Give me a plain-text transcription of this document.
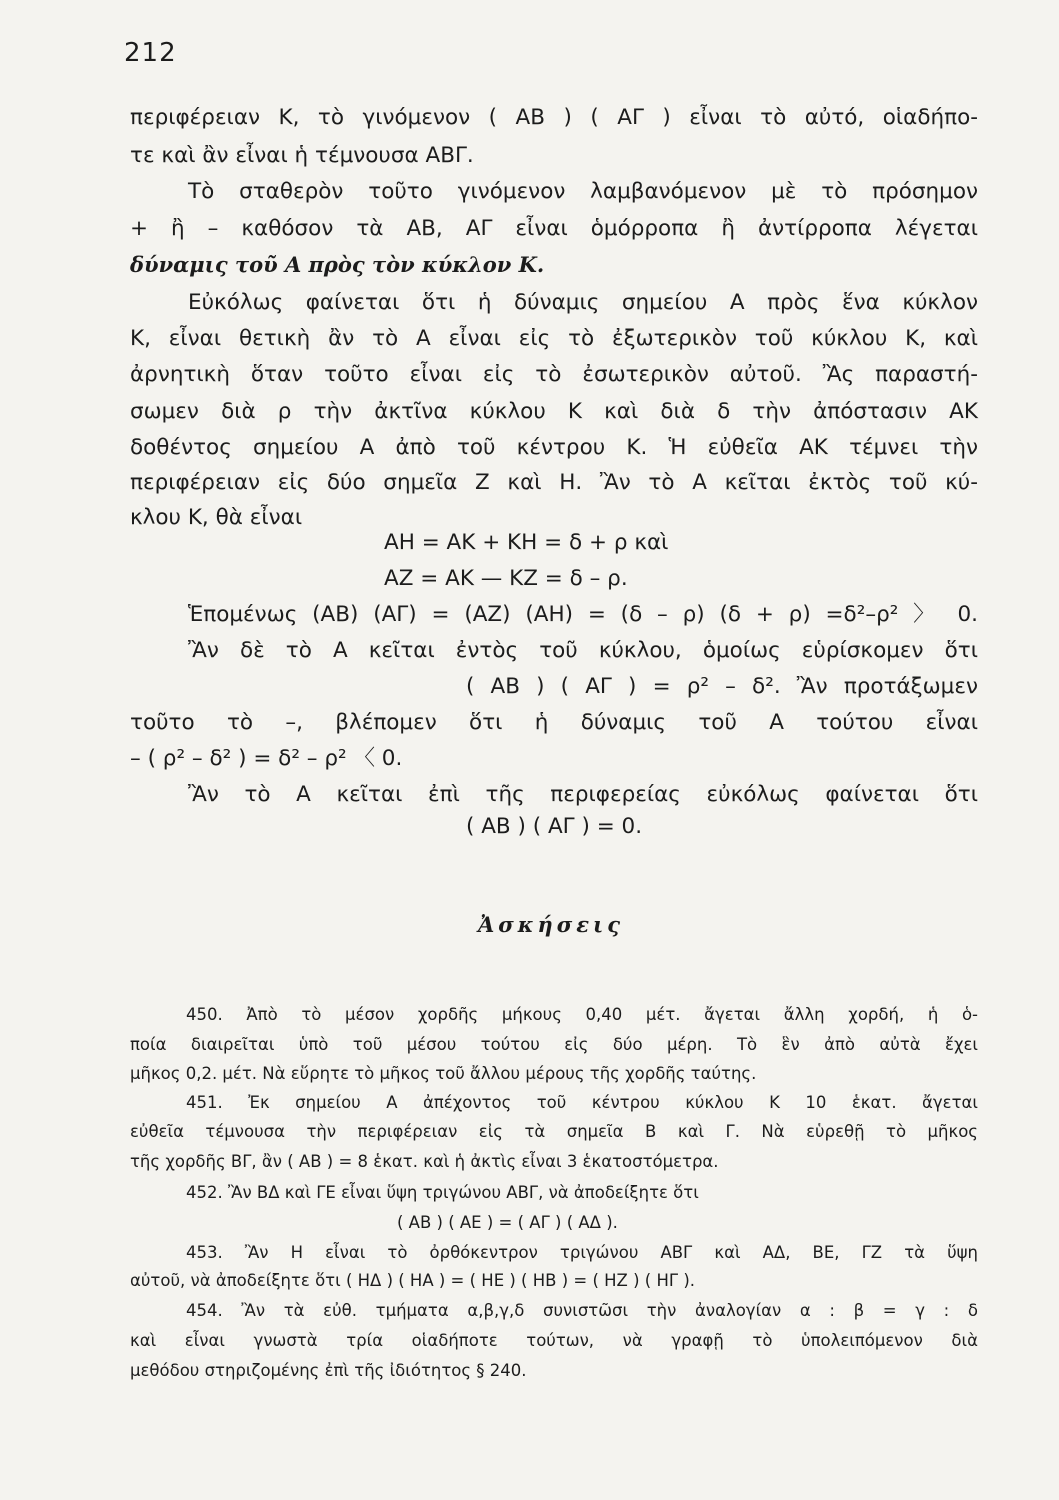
212
περιφέρειαν Κ, τὸ γινόμενον ( ΑΒ ) ( ΑΓ ) εἶναι τὸ αὐτό, οἱαδήπο-
τε καὶ ἂν εἶναι ἡ τέμνουσα ΑΒΓ.
Τὸ σταθερὸν τοῦτο γινόμενον λαμβανόμενον μὲ τὸ πρόσημον
+ ἢ – καθόσον τὰ ΑΒ, ΑΓ εἶναι ὁμόρροπα ἢ ἀντίρροπα λέγεται
δύναμις τοῦ Α πρὸς τὸν κύκλον Κ.
Εὐκόλως φαίνεται ὅτι ἡ δύναμις σημείου Α πρὸς ἕνα κύκλον
Κ, εἶναι θετικὴ ἂν τὸ Α εἶναι εἰς τὸ ἐξωτερικὸν τοῦ κύκλου Κ, καὶ
ἀρνητικὴ ὅταν τοῦτο εἶναι εἰς τὸ ἐσωτερικὸν αὐτοῦ. Ἂς παραστή-
σωμεν διὰ ρ τὴν ἀκτῖνα κύκλου Κ καὶ διὰ δ τὴν ἀπόστασιν ΑΚ
δοθέντος σημείου Α ἀπὸ τοῦ κέντρου Κ. Ἡ εὐθεῖα ΑΚ τέμνει τὴν
περιφέρειαν εἰς δύο σημεῖα Ζ καὶ Η. Ἂν τὸ Α κεῖται ἐκτὸς τοῦ κύ-
κλου Κ, θὰ εἶναι
ΑΗ = ΑΚ + ΚΗ = δ + ρ καὶ
ΑΖ = ΑΚ — ΚΖ = δ – ρ.
Ἑπομένως (ΑΒ) (ΑΓ) = (ΑΖ) (ΑΗ) = (δ – ρ) (δ + ρ) =δ²–ρ² 〉 0.
Ἂν δὲ τὸ Α κεῖται ἐντὸς τοῦ κύκλου, ὁμοίως εὑρίσκομεν ὅτι
( ΑΒ ) ( ΑΓ ) = ρ² – δ². Ἂν προτάξωμεν
τοῦτο τὸ –, βλέπομεν ὅτι ἡ δύναμις τοῦ Α τούτου εἶναι
– ( ρ² – δ² ) = δ² – ρ² 〈 0.
Ἂν τὸ Α κεῖται ἐπὶ τῆς περιφερείας εὐκόλως φαίνεται ὅτι
( ΑΒ ) ( ΑΓ ) = 0.
Ἀσκήσεις
450. Ἀπὸ τὸ μέσον χορδῆς μήκους 0,40 μέτ. ἄγεται ἄλλη χορδή, ἡ ὁ-
ποία διαιρεῖται ὑπὸ τοῦ μέσου τούτου εἰς δύο μέρη. Τὸ ἓν ἀπὸ αὐτὰ ἔχει
μῆκος 0,2. μέτ. Νὰ εὕρητε τὸ μῆκος τοῦ ἄλλου μέρους τῆς χορδῆς ταύτης.
451. Ἐκ σημείου Α ἀπέχοντος τοῦ κέντρου κύκλου Κ 10 ἑκατ. ἄγεται
εὐθεῖα τέμνουσα τὴν περιφέρειαν εἰς τὰ σημεῖα Β καὶ Γ. Νὰ εὑρεθῇ τὸ μῆκος
τῆς χορδῆς ΒΓ, ἂν ( ΑΒ ) = 8 ἑκατ. καὶ ἡ ἀκτὶς εἶναι 3 ἑκατοστόμετρα.
452. Ἂν ΒΔ καὶ ΓΕ εἶναι ὕψη τριγώνου ΑΒΓ, νὰ ἀποδείξητε ὅτι
( ΑΒ ) ( ΑΕ ) = ( ΑΓ ) ( ΑΔ ).
453. Ἂν Η εἶναι τὸ ὀρθόκεντρον τριγώνου ΑΒΓ καὶ ΑΔ, ΒΕ, ΓΖ τὰ ὕψη
αὐτοῦ, νὰ ἀποδείξητε ὅτι ( ΗΔ ) ( ΗΑ ) = ( ΗΕ ) ( ΗΒ ) = ( ΗΖ ) ( ΗΓ ).
454. Ἂν τὰ εὐθ. τμήματα α,β,γ,δ συνιστῶσι τὴν ἀναλογίαν α : β = γ : δ
καὶ εἶναι γνωστὰ τρία οἱαδήποτε τούτων, νὰ γραφῇ τὸ ὑπολειπόμενον διὰ
μεθόδου στηριζομένης ἐπὶ τῆς ἰδιότητος § 240.
